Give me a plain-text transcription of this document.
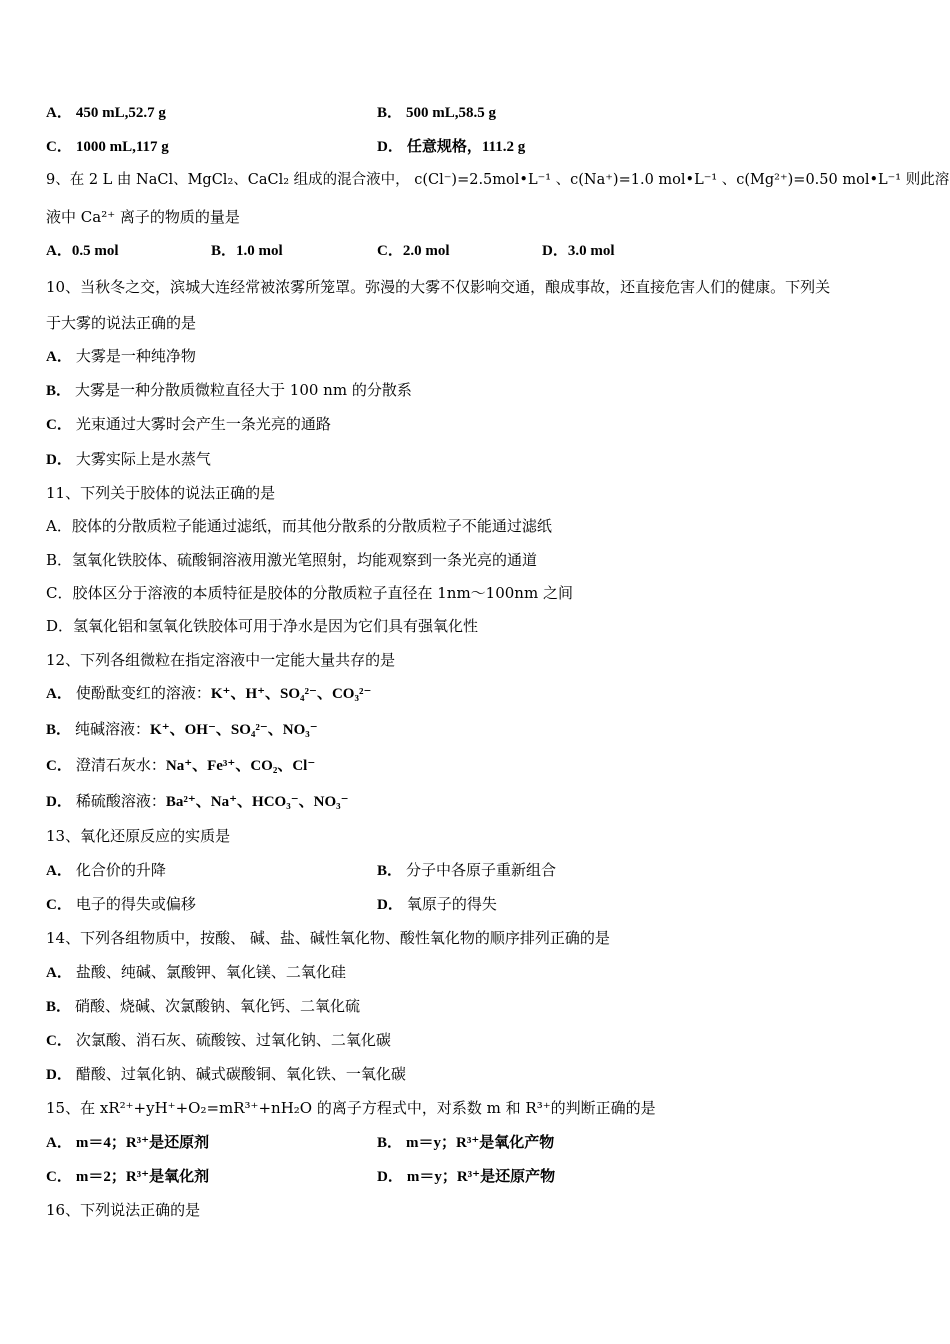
A． 450 mL,52.7 g	B． 500 mL,58.5 g
C． 1000 mL,117 g	D． 任意规格，111.2 g
9、在 2 L 由 NaCl、MgCl₂、CaCl₂ 组成的混合液中， c(Cl⁻)=2.5mol•L⁻¹ 、c(Na⁺)=1.0 mol•L⁻¹ 、c(Mg²⁺)=0.50 mol•L⁻¹ 则此溶
液中 Ca²⁺ 离子的物质的量是
A．0.5 mol	B．1.0 mol	C．2.0 mol	D．3.0 mol
10、当秋冬之交，滨城大连经常被浓雾所笼罩。弥漫的大雾不仅影响交通，酿成事故，还直接危害人们的健康。下列关
于大雾的说法正确的是
A． 大雾是一种纯净物
B． 大雾是一种分散质微粒直径大于 100 nm 的分散系
C． 光束通过大雾时会产生一条光亮的通路
D． 大雾实际上是水蒸气
11、下列关于胶体的说法正确的是
A．胶体的分散质粒子能通过滤纸，而其他分散系的分散质粒子不能通过滤纸
B．氢氧化铁胶体、硫酸铜溶液用激光笔照射，均能观察到一条光亮的通道
C．胶体区分于溶液的本质特征是胶体的分散质粒子直径在 1nm～100nm 之间
D．氢氧化铝和氢氧化铁胶体可用于净水是因为它们具有强氧化性
12、下列各组微粒在指定溶液中一定能大量共存的是
A． 使酚酞变红的溶液：K⁺、H⁺、SO₄²⁻、CO₃²⁻
B． 纯碱溶液：K⁺、OH⁻、SO₄²⁻、NO₃⁻
C． 澄清石灰水：Na⁺、Fe³⁺、CO₂、Cl⁻
D． 稀硫酸溶液：Ba²⁺、Na⁺、HCO₃⁻、NO₃⁻
13、氧化还原反应的实质是
A． 化合价的升降	B． 分子中各原子重新组合
C． 电子的得失或偏移	D． 氧原子的得失
14、下列各组物质中，按酸、 碱、盐、碱性氧化物、酸性氧化物的顺序排列正确的是
A． 盐酸、纯碱、氯酸钾、氧化镁、二氧化硅
B． 硝酸、烧碱、次氯酸钠、氧化钙、二氧化硫
C． 次氯酸、消石灰、硫酸铵、过氧化钠、二氧化碳
D． 醋酸、过氧化钠、碱式碳酸铜、氧化铁、一氧化碳
15、在 xR²⁺+yH⁺+O₂=mR³⁺+nH₂O 的离子方程式中，对系数 m 和 R³⁺的判断正确的是
A． m＝4；R³⁺是还原剂	B． m＝y；R³⁺是氧化产物
C． m＝2；R³⁺是氧化剂	D． m＝y；R³⁺是还原产物
16、下列说法正确的是
